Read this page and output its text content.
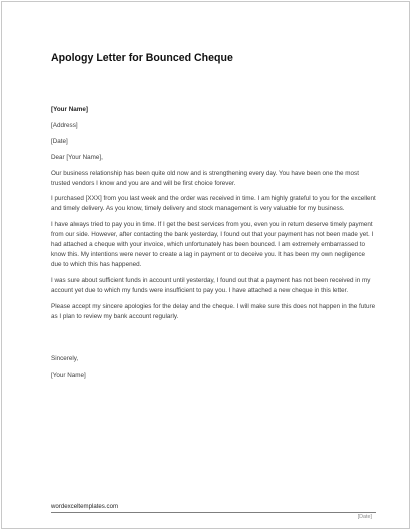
Apology Letter for Bounced Cheque

[Your Name]

[Address]

[Date]

Dear [Your Name],

Our business relationship has been quite old now and is strengthening every day. You have been one the most trusted vendors I know and you are and will be first choice forever.

I purchased [XXX] from you last week and the order was received in time. I am highly grateful to you for the excellent and timely delivery. As you know, timely delivery and stock management is very valuable for my business.

I have always tried to pay you in time. If I get the best services from you, even you in return deserve timely payment from our side. However, after contacting the bank yesterday, I found out that your payment has not been made yet. I had attached a cheque with your invoice, which unfortunately has been bounced. I am extremely embarrassed to know this. My intentions were never to create a lag in payment or to deceive you. It has been my own negligence due to which this has happened.

I was sure about sufficient funds in account until yesterday, I found out that a payment has not been received in my account yet due to which my funds were insufficient to pay you. I have attached a new cheque in this letter.

Please accept my sincere apologies for the delay and the cheque. I will make sure this does not happen in the future as I plan to review my bank account regularly.

Sincerely,

[Your Name]

wordexceltemplates.com
[Date]
